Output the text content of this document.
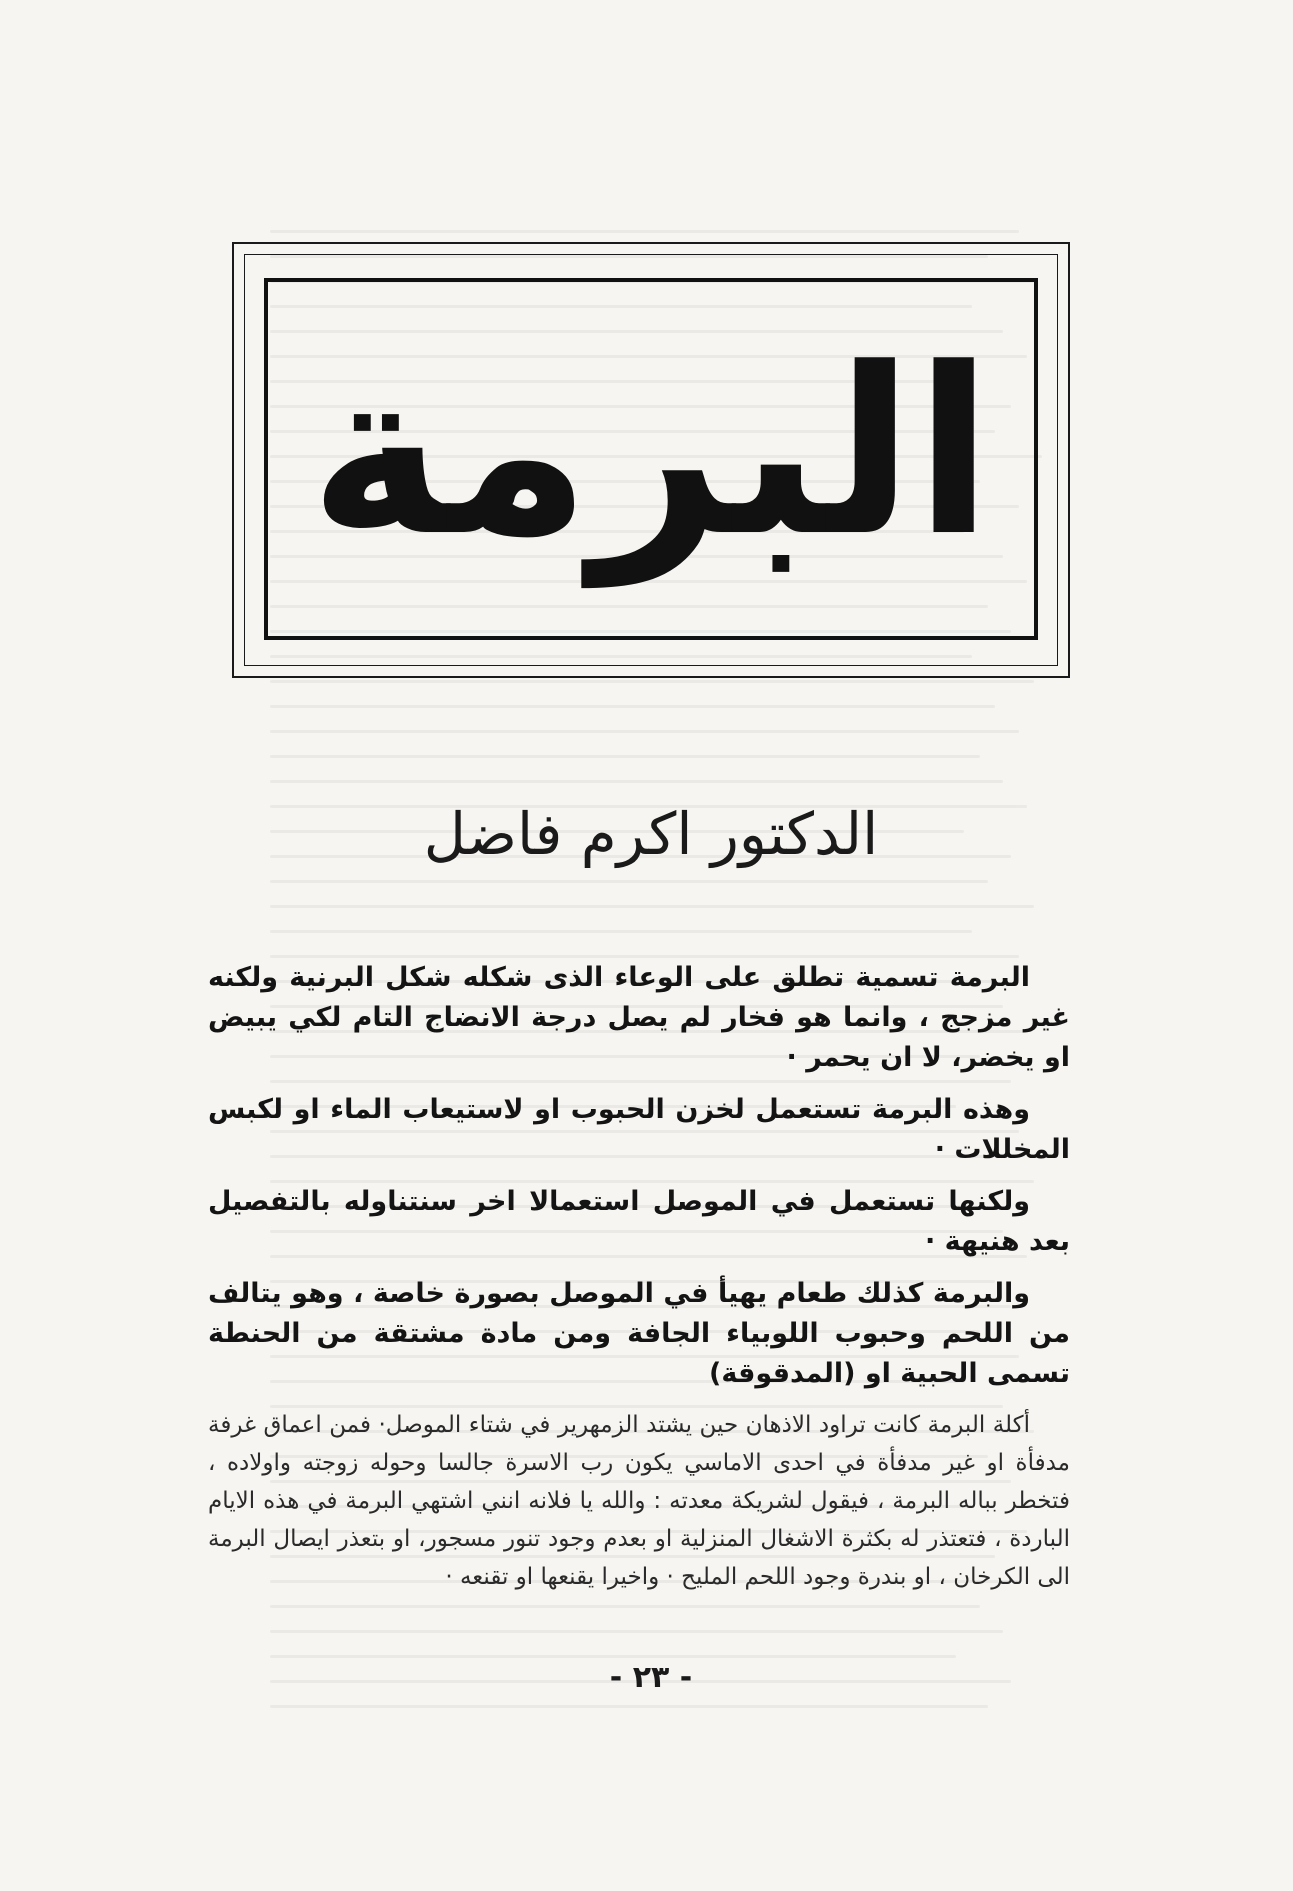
البرمة
الدكتور اكرم فاضل

البرمة تسمية تطلق على الوعاء الذى شكله شكل البرنية ولكنه غير مزجج ، وانما هو فخار لم يصل درجة الانضاج التام لكي يبيض او يخضر، لا ان يحمر ·

وهذه البرمة تستعمل لخزن الحبوب او لاستيعاب الماء او لكبس المخللات ·

ولكنها تستعمل في الموصل استعمالا اخر سنتناوله بالتفصيل بعد هنيهة ·

والبرمة كذلك طعام يهيأ في الموصل بصورة خاصة ، وهو يتالف من اللحم وحبوب اللوبياء الجافة ومن مادة مشتقة من الحنطة تسمى الحبية او (المدقوقة)

أكلة البرمة كانت تراود الاذهان حين يشتد الزمهرير في شتاء الموصل· فمن اعماق غرفة مدفأة او غير مدفأة في احدى الاماسي يكون رب الاسرة جالسا وحوله زوجته واولاده ، فتخطر بباله البرمة ، فيقول لشريكة معدته : والله يا فلانه انني اشتهي البرمة في هذه الايام الباردة ، فتعتذر له بكثرة الاشغال المنزلية او بعدم وجود تنور مسجور، او بتعذر ايصال البرمة الى الكرخان ، او بندرة وجود اللحم المليح · واخيرا يقنعها او تقنعه ·

- ٢٣ -
